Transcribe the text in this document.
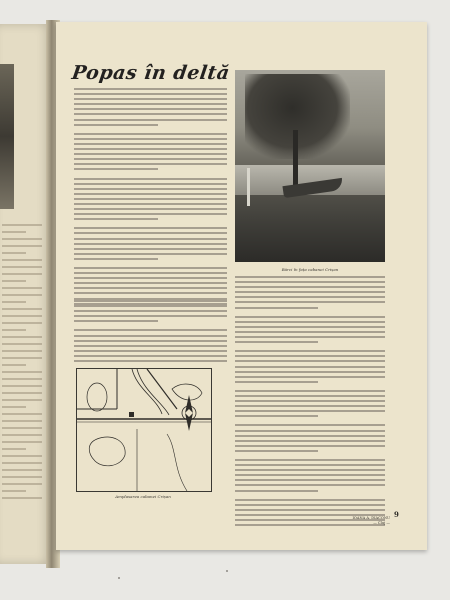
Popas în deltă
Bărci în fața cabanei Crișan
Amplasarea cabanei Crișan
IOANA A. DIACONU
— Cluj —
9
